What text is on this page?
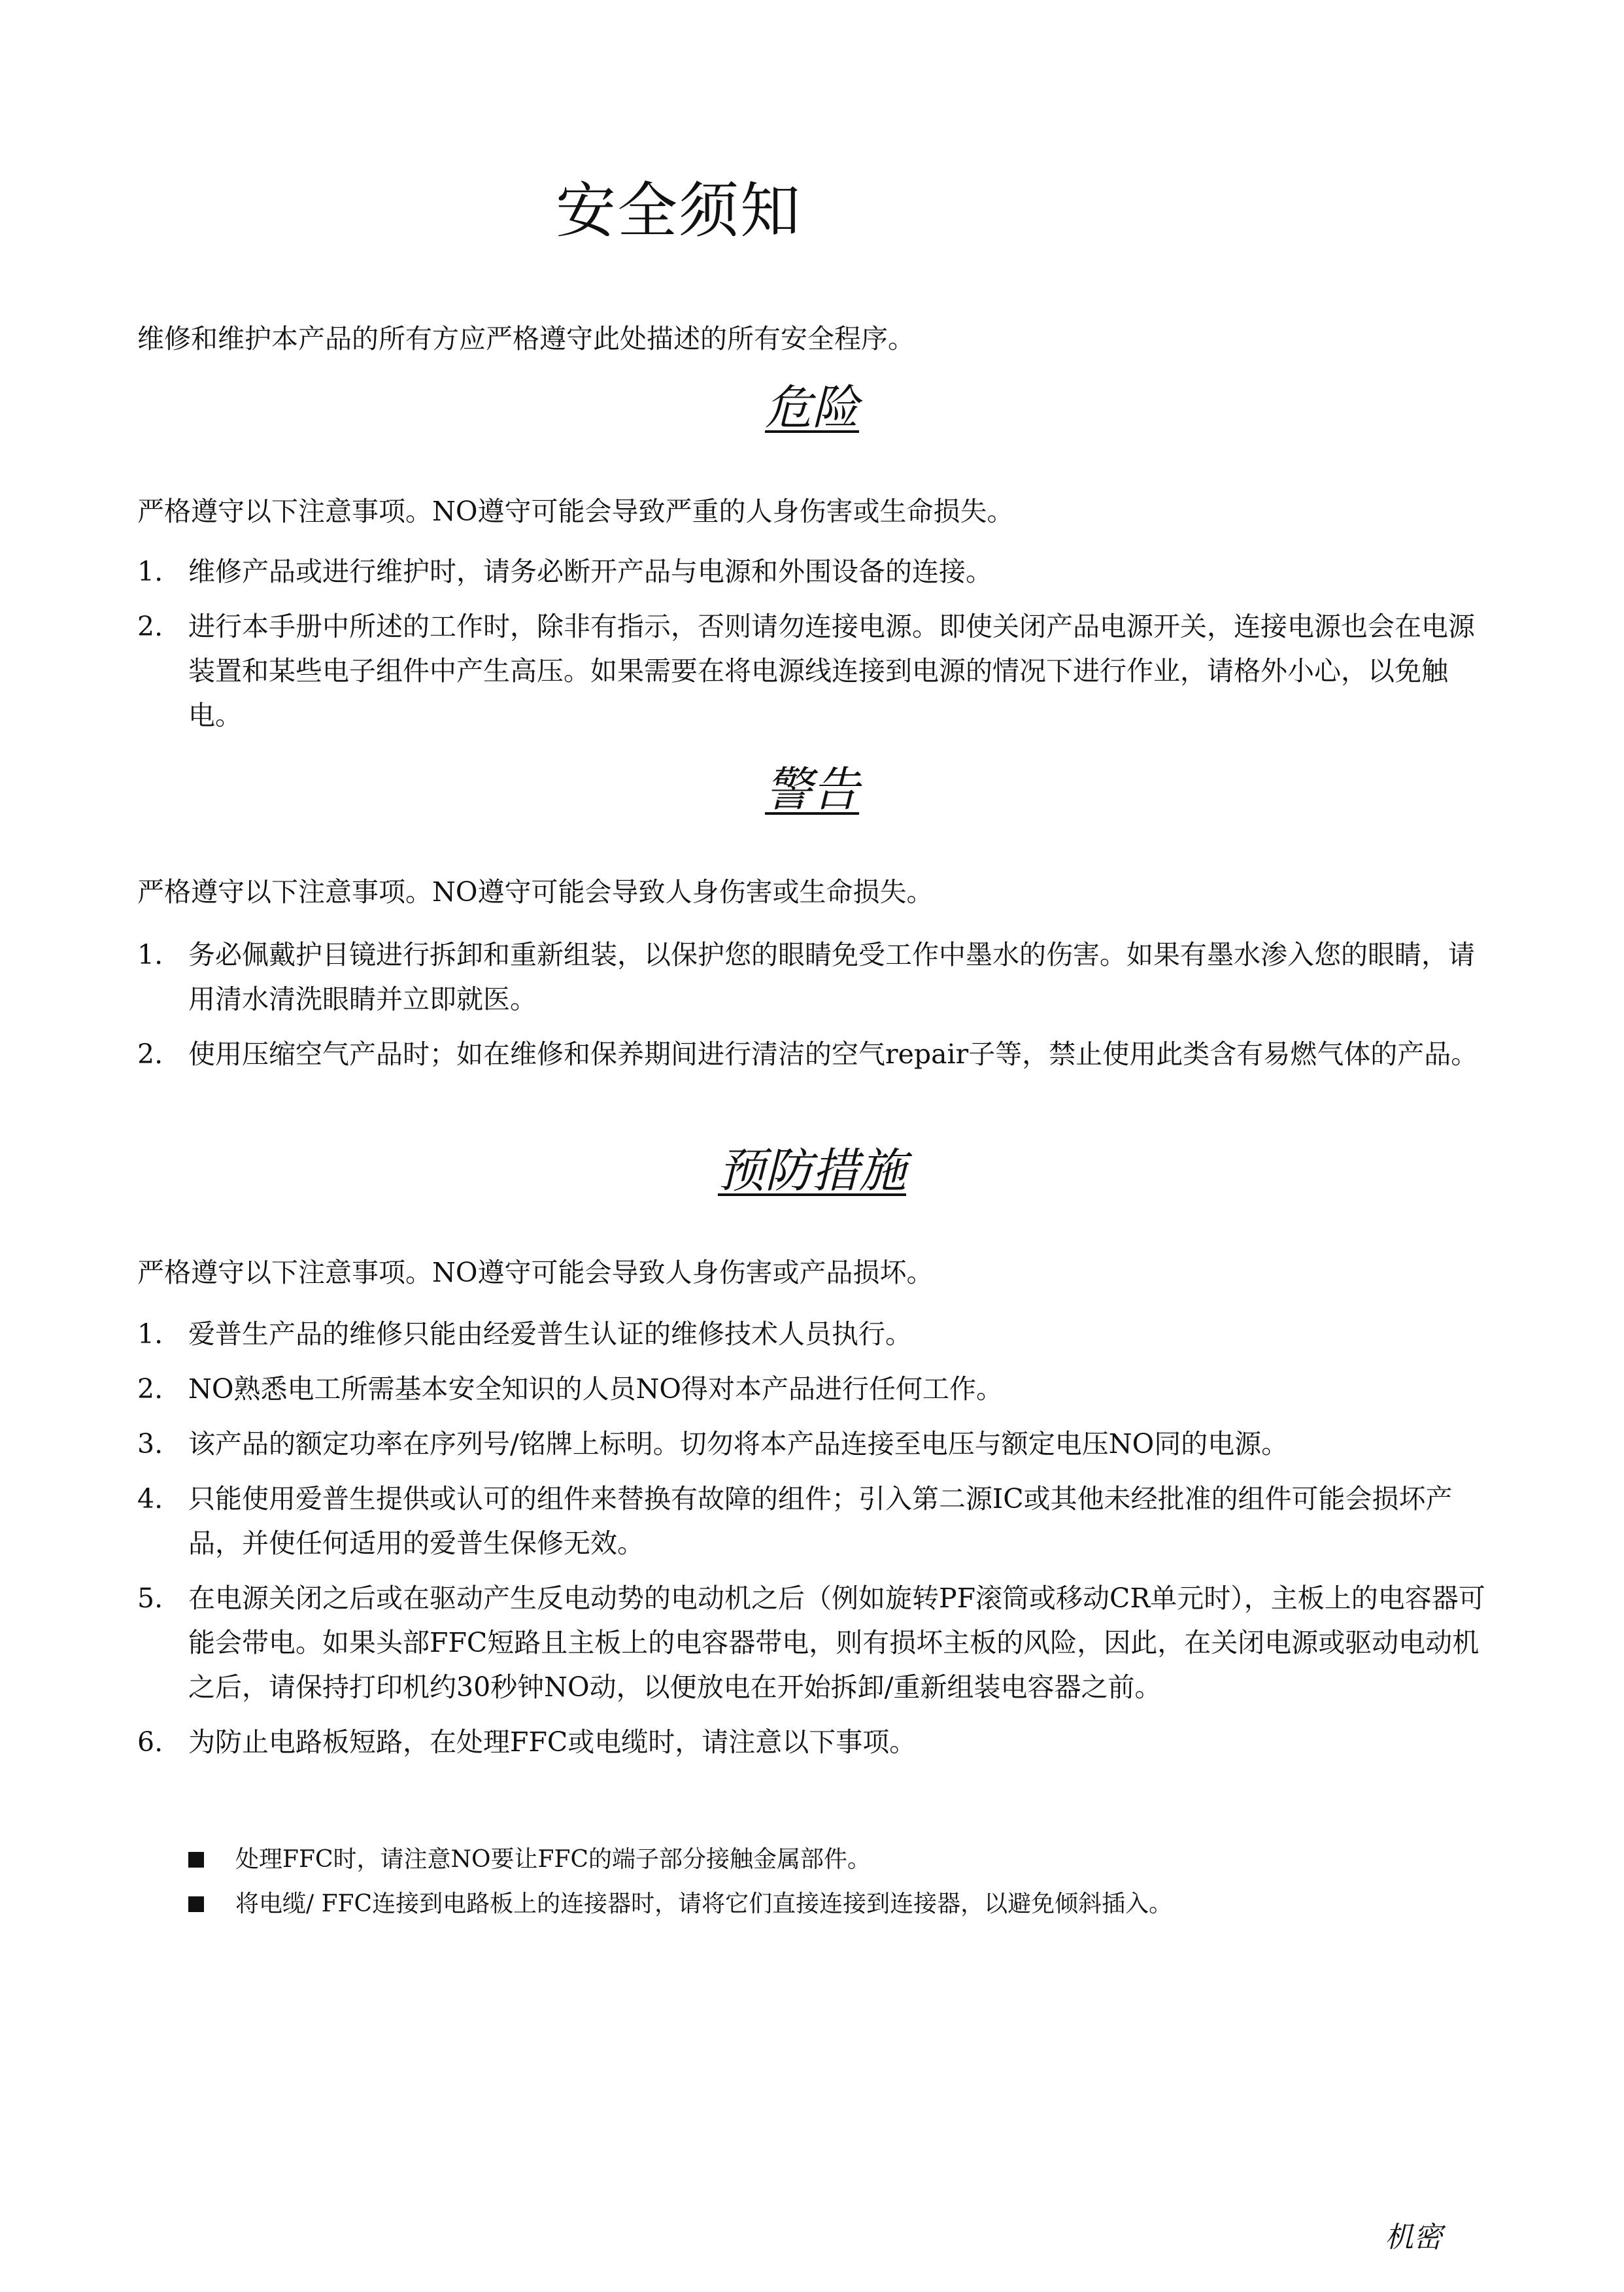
安全须知

维修和维护本产品的所有方应严格遵守此处描述的所有安全程序。

危险

严格遵守以下注意事项。NO遵守可能会导致严重的人身伤害或生命损失。

1. 维修产品或进行维护时，请务必断开产品与电源和外围设备的连接。
2. 进行本手册中所述的工作时，除非有指示，否则请勿连接电源。即使关闭产品电源开关，连接电源也会在电源装置和某些电子组件中产生高压。如果需要在将电源线连接到电源的情况下进行作业，请格外小心，以免触电。
警告

严格遵守以下注意事项。NO遵守可能会导致人身伤害或生命损失。

1. 务必佩戴护目镜进行拆卸和重新组装，以保护您的眼睛免受工作中墨水的伤害。如果有墨水渗入您的眼睛，请用清水清洗眼睛并立即就医。
2. 使用压缩空气产品时；如在维修和保养期间进行清洁的空气repair子等，禁止使用此类含有易燃气体的产品。
预防措施

严格遵守以下注意事项。NO遵守可能会导致人身伤害或产品损坏。

1. 爱普生产品的维修只能由经爱普生认证的维修技术人员执行。
2. NO熟悉电工所需基本安全知识的人员NO得对本产品进行任何工作。
3. 该产品的额定功率在序列号/铭牌上标明。切勿将本产品连接至电压与额定电压NO同的电源。
4. 只能使用爱普生提供或认可的组件来替换有故障的组件；引入第二源IC或其他未经批准的组件可能会损坏产品，并使任何适用的爱普生保修无效。
5. 在电源关闭之后或在驱动产生反电动势的电动机之后（例如旋转PF滚筒或移动CR单元时），主板上的电容器可能会带电。如果头部FFC短路且主板上的电容器带电，则有损坏主板的风险，因此，在关闭电源或驱动电动机之后，请保持打印机约30秒钟NO动，以便放电在开始拆卸/重新组装电容器之前。
6. 为防止电路板短路，在处理FFC或电缆时，请注意以下事项。
处理FFC时，请注意NO要让FFC的端子部分接触金属部件。
将电缆/ FFC连接到电路板上的连接器时，请将它们直接连接到连接器，以避免倾斜插入。

机密
